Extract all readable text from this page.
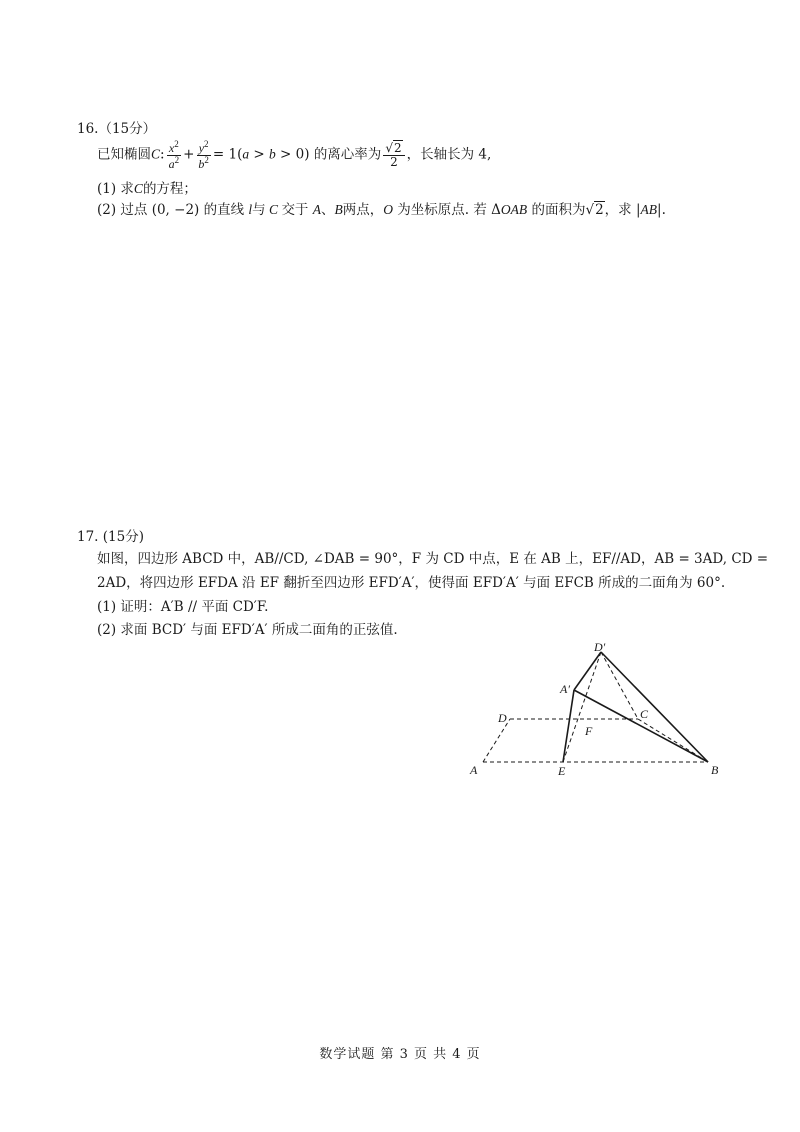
16.（15分）
已知椭圆C: $\frac{x^2}{a^2} + \frac{y^2}{b^2} = 1(a > b > 0)$ 的离心率为 $\frac{√2}{2}$ ，长轴长为 4,
(1) 求C的方程；
(2) 过点 (0, −2) 的直线 l与 C 交于 A、B两点，O 为坐标原点. 若 ΔOAB 的面积为√2，求 |AB|.
17. (15分)
如图，四边形 ABCD 中，AB//CD, ∠DAB = 90°，F 为 CD 中点，E 在 AB 上，EF//AD，AB = 3AD, CD =
2AD，将四边形 EFDA 沿 EF 翻折至四边形 EFD′A′，使得面 EFD′A′ 与面 EFCB 所成的二面角为 60°.
(1) 证明：A′B // 平面 CD′F.
(2) 求面 BCD′ 与面 EFD′A′ 所成二面角的正弦值.
D′
A′
D	C
F
A	E	B
数学试题 第 3 页 共 4 页
